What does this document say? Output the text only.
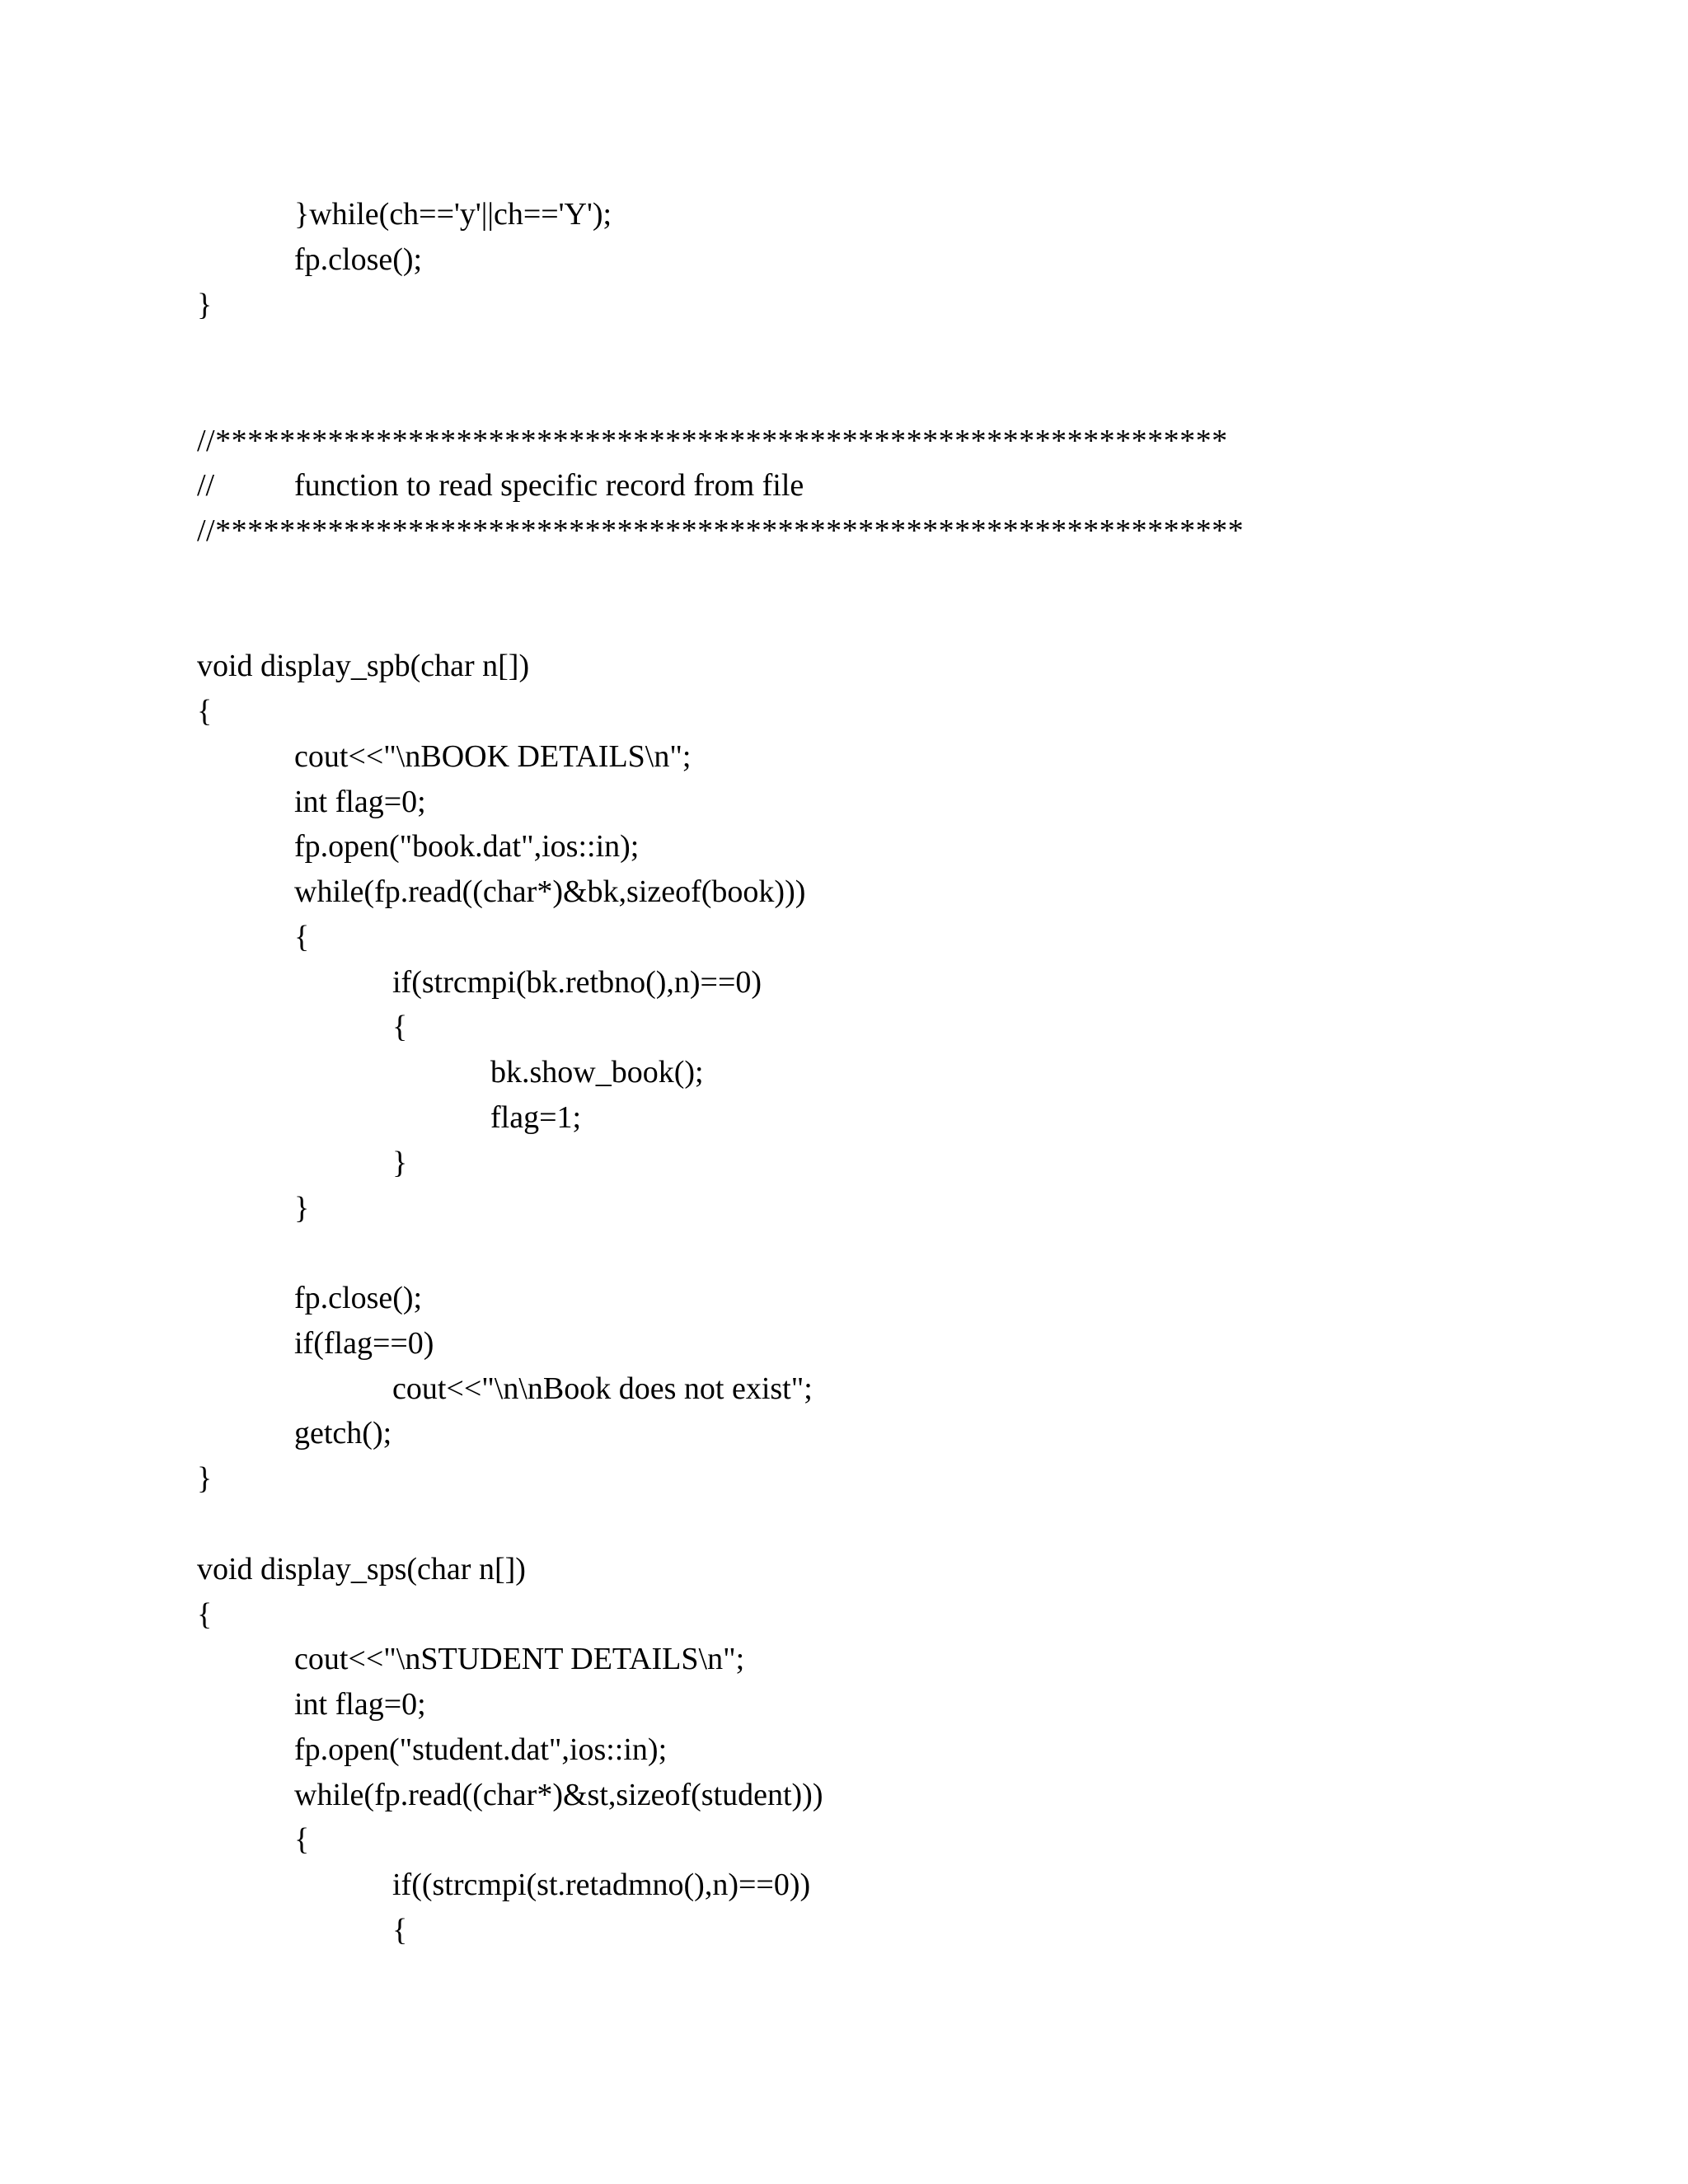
}while(ch=='y'||ch=='Y');
fp.close();
}
//***************************************************************
//	function to read specific record from file
//****************************************************************
void display_spb(char n[])
{
cout<<"\nBOOK DETAILS\n";
int flag=0;
fp.open("book.dat",ios::in);
while(fp.read((char*)&bk,sizeof(book)))
{
if(strcmpi(bk.retbno(),n)==0)
{
bk.show_book();
flag=1;
}
}
fp.close();
if(flag==0)
cout<<"\n\nBook does not exist";
getch();
}
void display_sps(char n[])
{
cout<<"\nSTUDENT DETAILS\n";
int flag=0;
fp.open("student.dat",ios::in);
while(fp.read((char*)&st,sizeof(student)))
{
if((strcmpi(st.retadmno(),n)==0))
{
